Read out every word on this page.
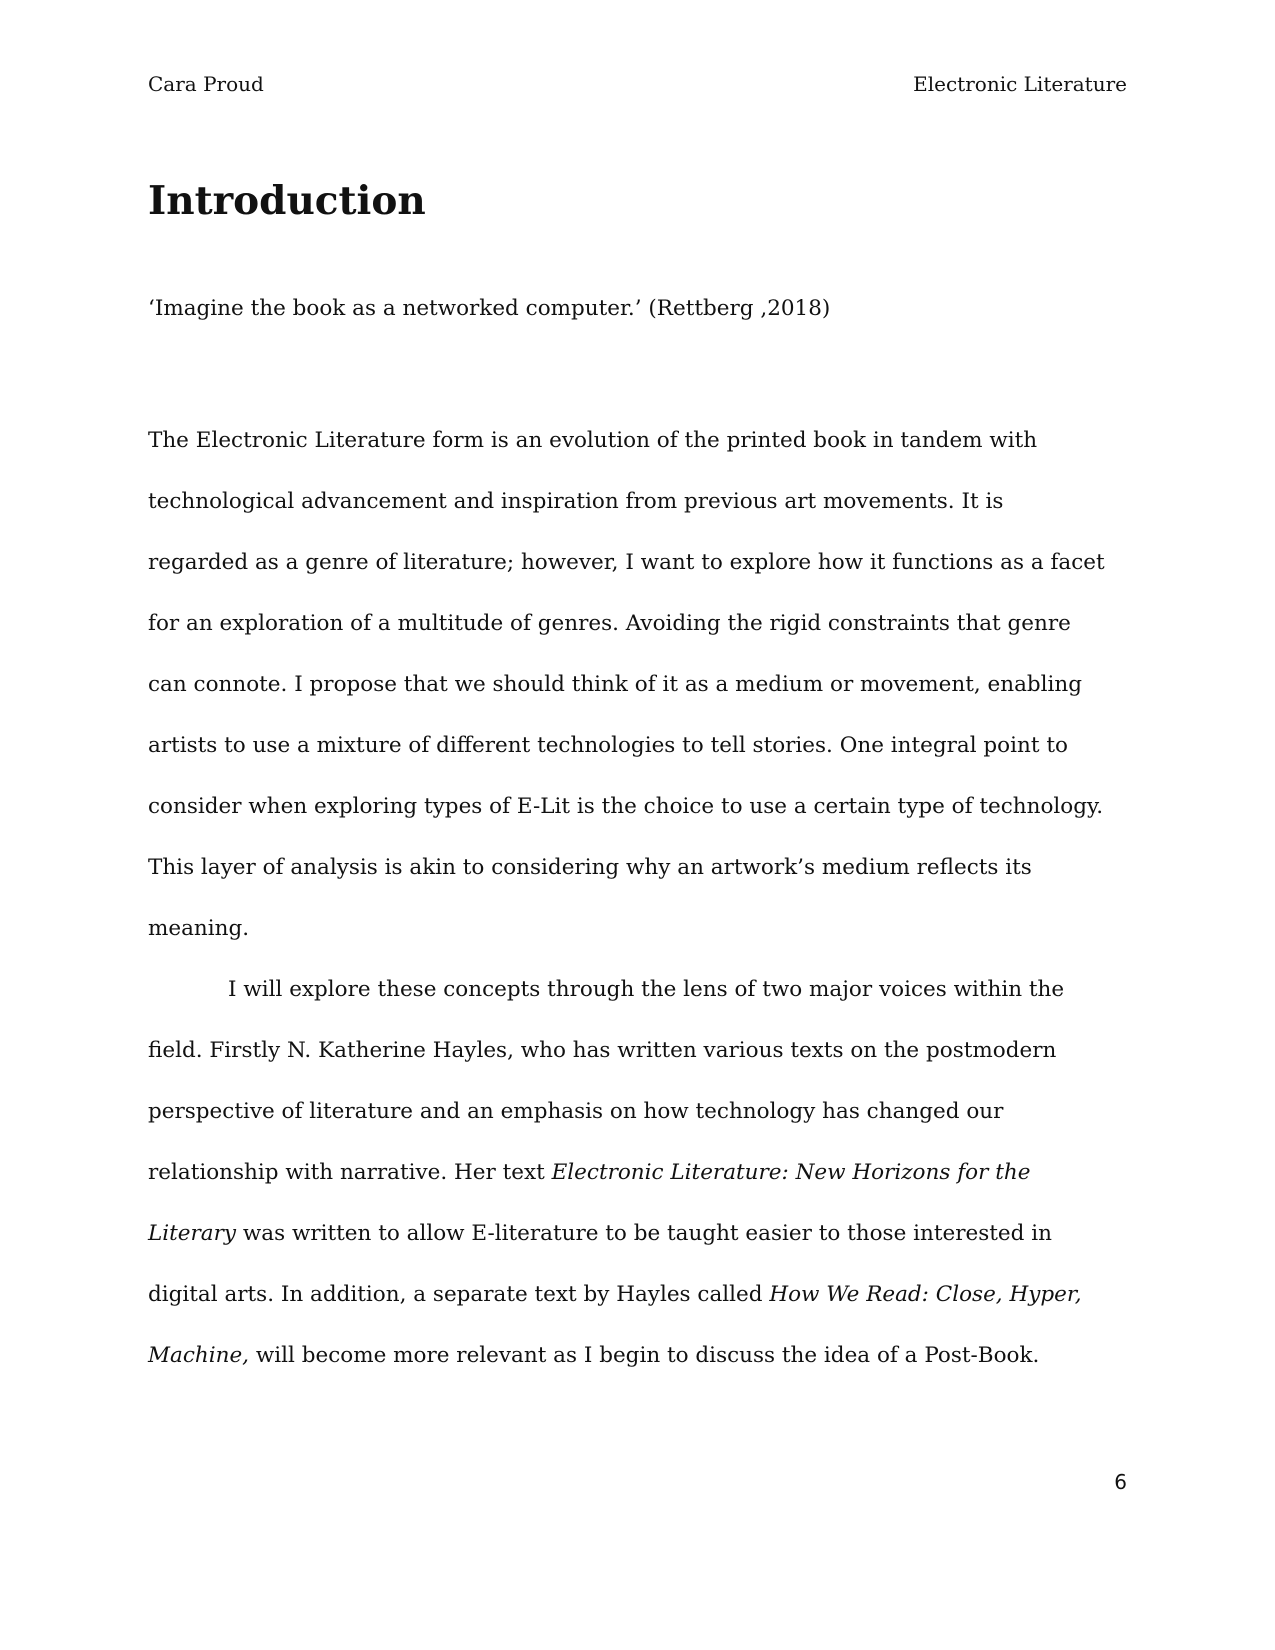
Cara Proud	Electronic Literature
Introduction

‘Imagine the book as a networked computer.’ (Rettberg ,2018)

The Electronic Literature form is an evolution of the printed book in tandem with
technological advancement and inspiration from previous art movements. It is
regarded as a genre of literature; however, I want to explore how it functions as a facet
for an exploration of a multitude of genres. Avoiding the rigid constraints that genre
can connote. I propose that we should think of it as a medium or movement, enabling
artists to use a mixture of different technologies to tell stories. One integral point to
consider when exploring types of E-Lit is the choice to use a certain type of technology.
This layer of analysis is akin to considering why an artwork’s medium reflects its
meaning.
I will explore these concepts through the lens of two major voices within the
field. Firstly N. Katherine Hayles, who has written various texts on the postmodern
perspective of literature and an emphasis on how technology has changed our
relationship with narrative. Her text Electronic Literature: New Horizons for the
Literary was written to allow E-literature to be taught easier to those interested in
digital arts. In addition, a separate text by Hayles called How We Read: Close, Hyper,
Machine, will become more relevant as I begin to discuss the idea of a Post-Book.
6
